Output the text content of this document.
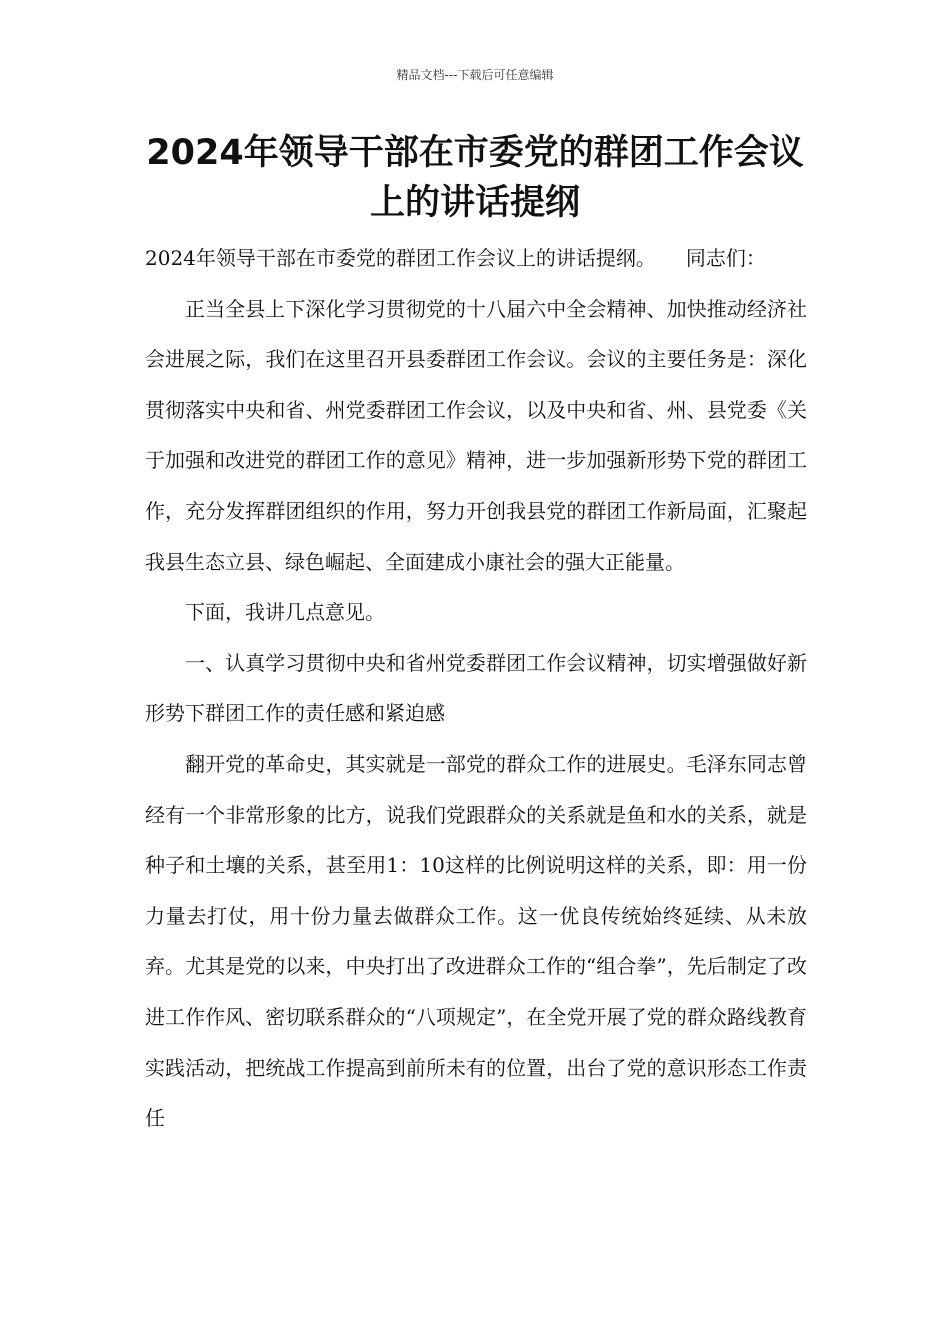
精品文档---下载后可任意编辑
2024年领导干部在市委党的群团工作会议上的讲话提纲

2024年领导干部在市委党的群团工作会议上的讲话提纲。　　同志们：

正当全县上下深化学习贯彻党的十八届六中全会精神、加快推动经济社会进展之际，我们在这里召开县委群团工作会议。会议的主要任务是：深化贯彻落实中央和省、州党委群团工作会议，以及中央和省、州、县党委《关于加强和改进党的群团工作的意见》精神，进一步加强新形势下党的群团工作，充分发挥群团组织的作用，努力开创我县党的群团工作新局面，汇聚起我县生态立县、绿色崛起、全面建成小康社会的强大正能量。

下面，我讲几点意见。

一、认真学习贯彻中央和省州党委群团工作会议精神，切实增强做好新形势下群团工作的责任感和紧迫感

翻开党的革命史，其实就是一部党的群众工作的进展史。毛泽东同志曾经有一个非常形象的比方，说我们党跟群众的关系就是鱼和水的关系，就是种子和土壤的关系，甚至用1：10这样的比例说明这样的关系，即：用一份力量去打仗，用十份力量去做群众工作。这一优良传统始终延续、从未放弃。尤其是党的以来，中央打出了改进群众工作的“组合拳”，先后制定了改进工作作风、密切联系群众的“八项规定”，在全党开展了党的群众路线教育实践活动，把统战工作提高到前所未有的位置，出台了党的意识形态工作责任
